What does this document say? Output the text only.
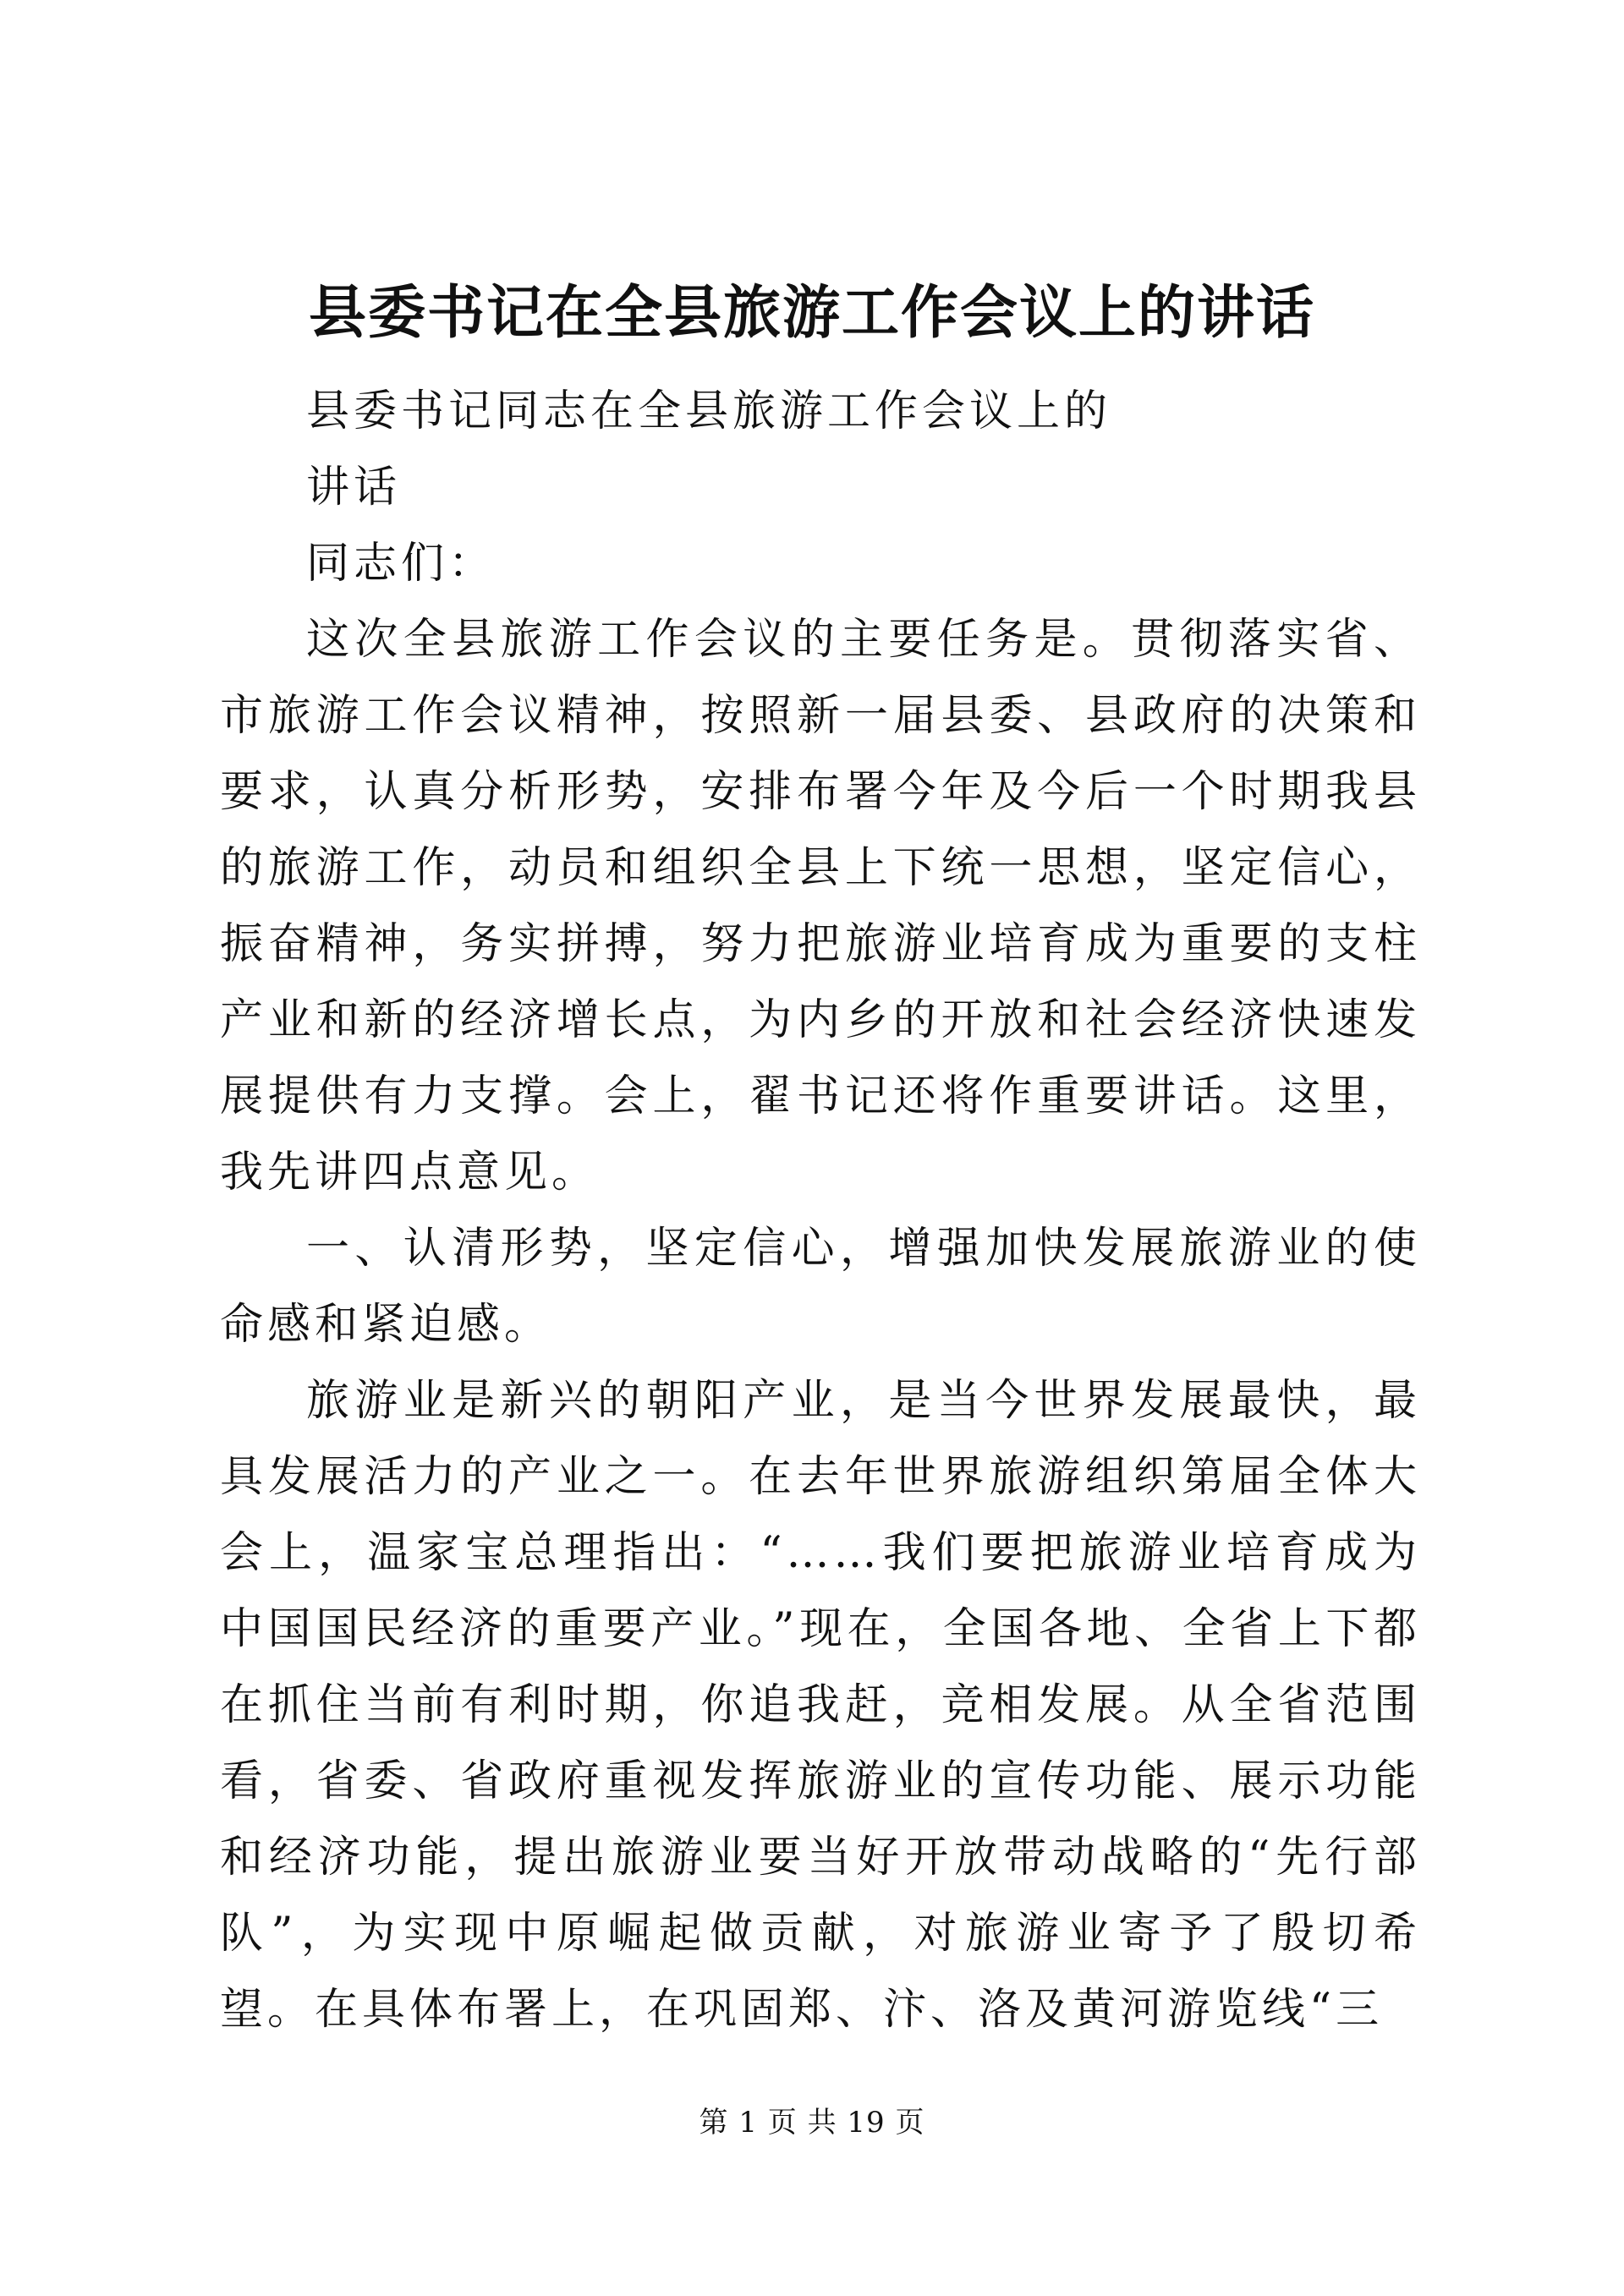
县委书记在全县旅游工作会议上的讲话

县委书记同志在全县旅游工作会议上的

讲话

同志们：

这次全县旅游工作会议的主要任务是。贯彻落实省、市旅游工作会议精神，按照新一届县委、县政府的决策和要求，认真分析形势，安排布署今年及今后一个时期我县的旅游工作，动员和组织全县上下统一思想，坚定信心，振奋精神，务实拼搏，努力把旅游业培育成为重要的支柱产业和新的经济增长点，为内乡的开放和社会经济快速发展提供有力支撑。会上，翟书记还将作重要讲话。这里，我先讲四点意见。

一、认清形势，坚定信心，增强加快发展旅游业的使命感和紧迫感。

旅游业是新兴的朝阳产业，是当今世界发展最快，最具发展活力的产业之一。在去年世界旅游组织第届全体大会上，温家宝总理指出：“……我们要把旅游业培育成为中国国民经济的重要产业。”现在，全国各地、全省上下都在抓住当前有利时期，你追我赶，竞相发展。从全省范围看，省委、省政府重视发挥旅游业的宣传功能、展示功能和经济功能，提出旅游业要当好开放带动战略的“先行部队”，为实现中原崛起做贡献，对旅游业寄予了殷切希望。在具体布署上，在巩固郑、汴、洛及黄河游览线“三

第 1 页 共 19 页
